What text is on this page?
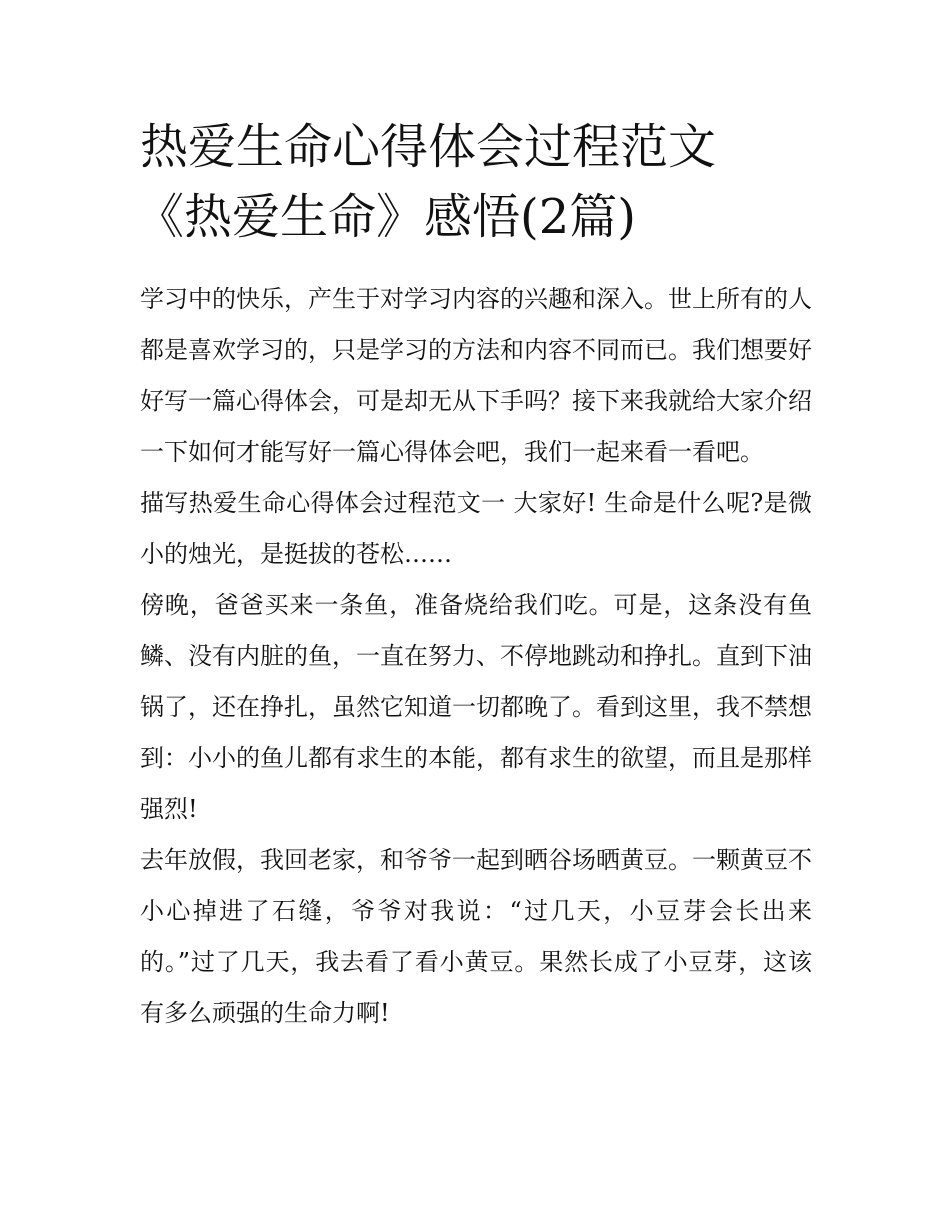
热爱生命心得体会过程范文
《热爱生命》感悟(2篇)

学习中的快乐，产生于对学习内容的兴趣和深入。世上所有的人都是喜欢学习的，只是学习的方法和内容不同而已。我们想要好好写一篇心得体会，可是却无从下手吗？接下来我就给大家介绍一下如何才能写好一篇心得体会吧，我们一起来看一看吧。

描写热爱生命心得体会过程范文一 大家好! 生命是什么呢?是微小的烛光，是挺拔的苍松……

傍晚，爸爸买来一条鱼，准备烧给我们吃。可是，这条没有鱼鳞、没有内脏的鱼，一直在努力、不停地跳动和挣扎。直到下油锅了，还在挣扎，虽然它知道一切都晚了。看到这里，我不禁想到：小小的鱼儿都有求生的本能，都有求生的欲望，而且是那样强烈!

去年放假，我回老家，和爷爷一起到晒谷场晒黄豆。一颗黄豆不小心掉进了石缝，爷爷对我说：“过几天，小豆芽会长出来的。”过了几天，我去看了看小黄豆。果然长成了小豆芽，这该有多么顽强的生命力啊!
